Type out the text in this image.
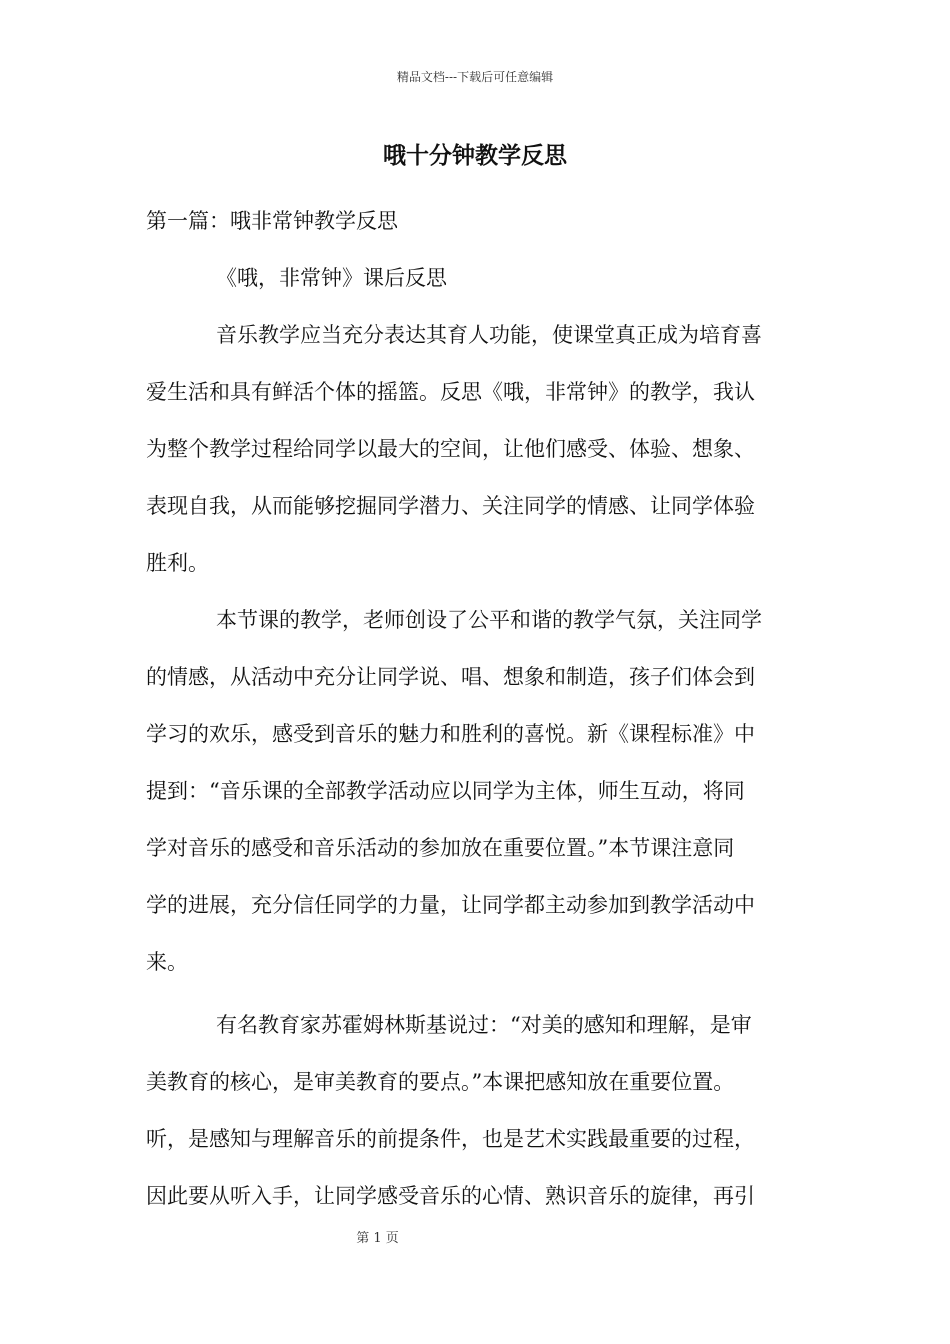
精品文档---下载后可任意编辑
哦十分钟教学反思
第一篇：哦非常钟教学反思
《哦，非常钟》课后反思
音乐教学应当充分表达其育人功能，使课堂真正成为培育喜
爱生活和具有鲜活个体的摇篮。反思《哦，非常钟》的教学，我认
为整个教学过程给同学以最大的空间，让他们感受、体验、想象、
表现自我，从而能够挖掘同学潜力、关注同学的情感、让同学体验
胜利。
本节课的教学，老师创设了公平和谐的教学气氛，关注同学
的情感，从活动中充分让同学说、唱、想象和制造，孩子们体会到
学习的欢乐，感受到音乐的魅力和胜利的喜悦。新《课程标准》中
提到：“音乐课的全部教学活动应以同学为主体，师生互动，将同
学对音乐的感受和音乐活动的参加放在重要位置。”本节课注意同
学的进展，充分信任同学的力量，让同学都主动参加到教学活动中
来。
有名教育家苏霍姆林斯基说过：“对美的感知和理解，是审
美教育的核心，是审美教育的要点。”本课把感知放在重要位置。
听，是感知与理解音乐的前提条件，也是艺术实践最重要的过程，
因此要从听入手，让同学感受音乐的心情、熟识音乐的旋律，再引
第 1 页
